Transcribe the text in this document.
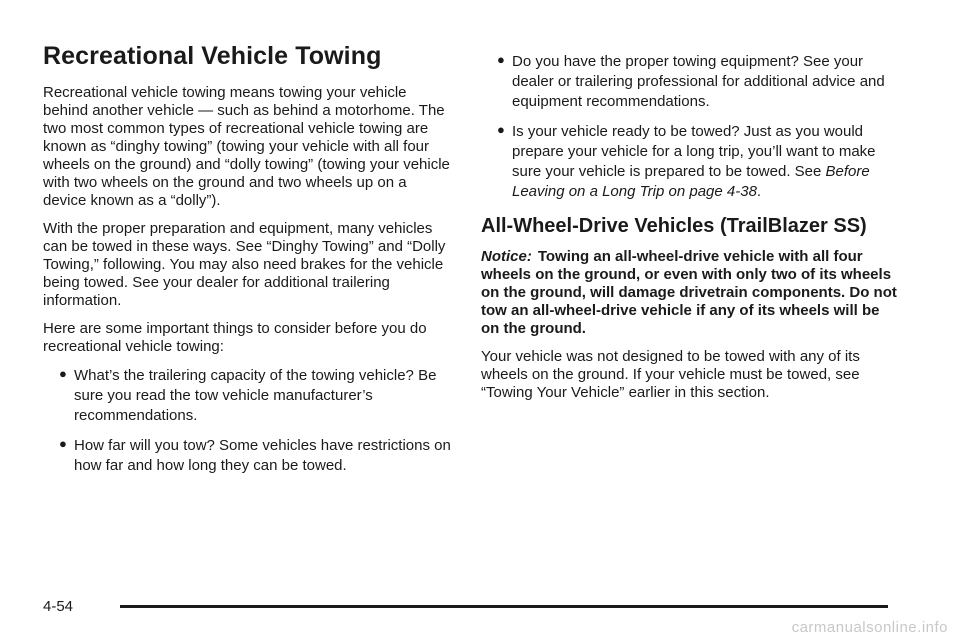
Recreational Vehicle Towing

Recreational vehicle towing means towing your vehicle behind another vehicle — such as behind a motorhome. The two most common types of recreational vehicle towing are known as “dinghy towing” (towing your vehicle with all four wheels on the ground) and “dolly towing” (towing your vehicle with two wheels on the ground and two wheels up on a device known as a “dolly”).

With the proper preparation and equipment, many vehicles can be towed in these ways. See “Dinghy Towing” and “Dolly Towing,” following. You may also need brakes for the vehicle being towed. See your dealer for additional trailering information.

Here are some important things to consider before you do recreational vehicle towing:

● What’s the trailering capacity of the towing vehicle? Be sure you read the tow vehicle manufacturer’s recommendations.
● How far will you tow? Some vehicles have restrictions on how far and how long they can be towed.
● Do you have the proper towing equipment? See your dealer or trailering professional for additional advice and equipment recommendations.
● Is your vehicle ready to be towed? Just as you would prepare your vehicle for a long trip, you’ll want to make sure your vehicle is prepared to be towed. See Before Leaving on a Long Trip on page 4-38.
All-Wheel-Drive Vehicles (TrailBlazer SS)
Notice: Towing an all-wheel-drive vehicle with all four wheels on the ground, or even with only two of its wheels on the ground, will damage drivetrain components. Do not tow an all-wheel-drive vehicle if any of its wheels will be on the ground.

Your vehicle was not designed to be towed with any of its wheels on the ground. If your vehicle must be towed, see “Towing Your Vehicle” earlier in this section.

4-54
carmanualsonline.info
